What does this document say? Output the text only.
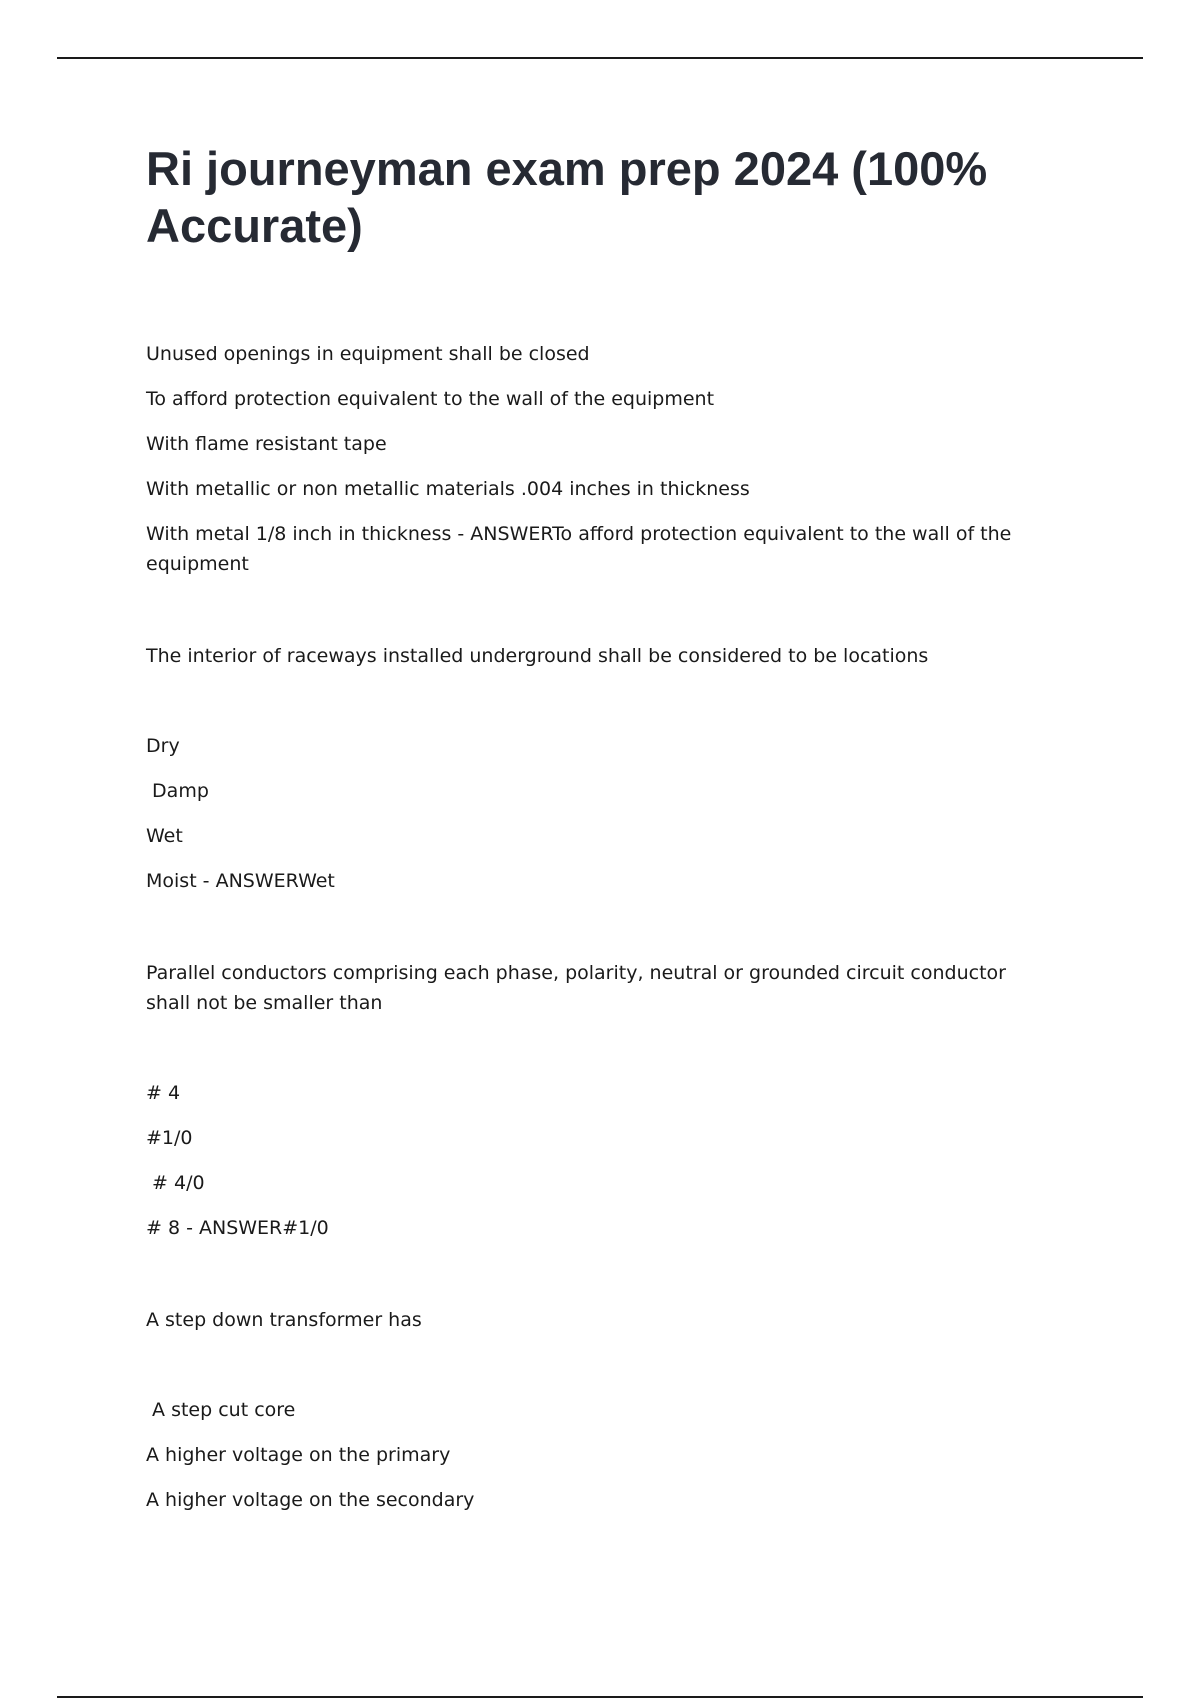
Ri journeyman exam prep 2024 (100% Accurate)

Unused openings in equipment shall be closed

To afford protection equivalent to the wall of the equipment

With flame resistant tape

With metallic or non metallic materials .004 inches in thickness

With metal 1/8 inch in thickness - ANSWERTo afford protection equivalent to the wall of the equipment

The interior of raceways installed underground shall be considered to be locations

Dry

Damp

Wet

Moist - ANSWERWet

Parallel conductors comprising each phase, polarity, neutral or grounded circuit conductor shall not be smaller than

# 4

#1/0

# 4/0

# 8 - ANSWER#1/0

A step down transformer has

A step cut core

A higher voltage on the primary

A higher voltage on the secondary
